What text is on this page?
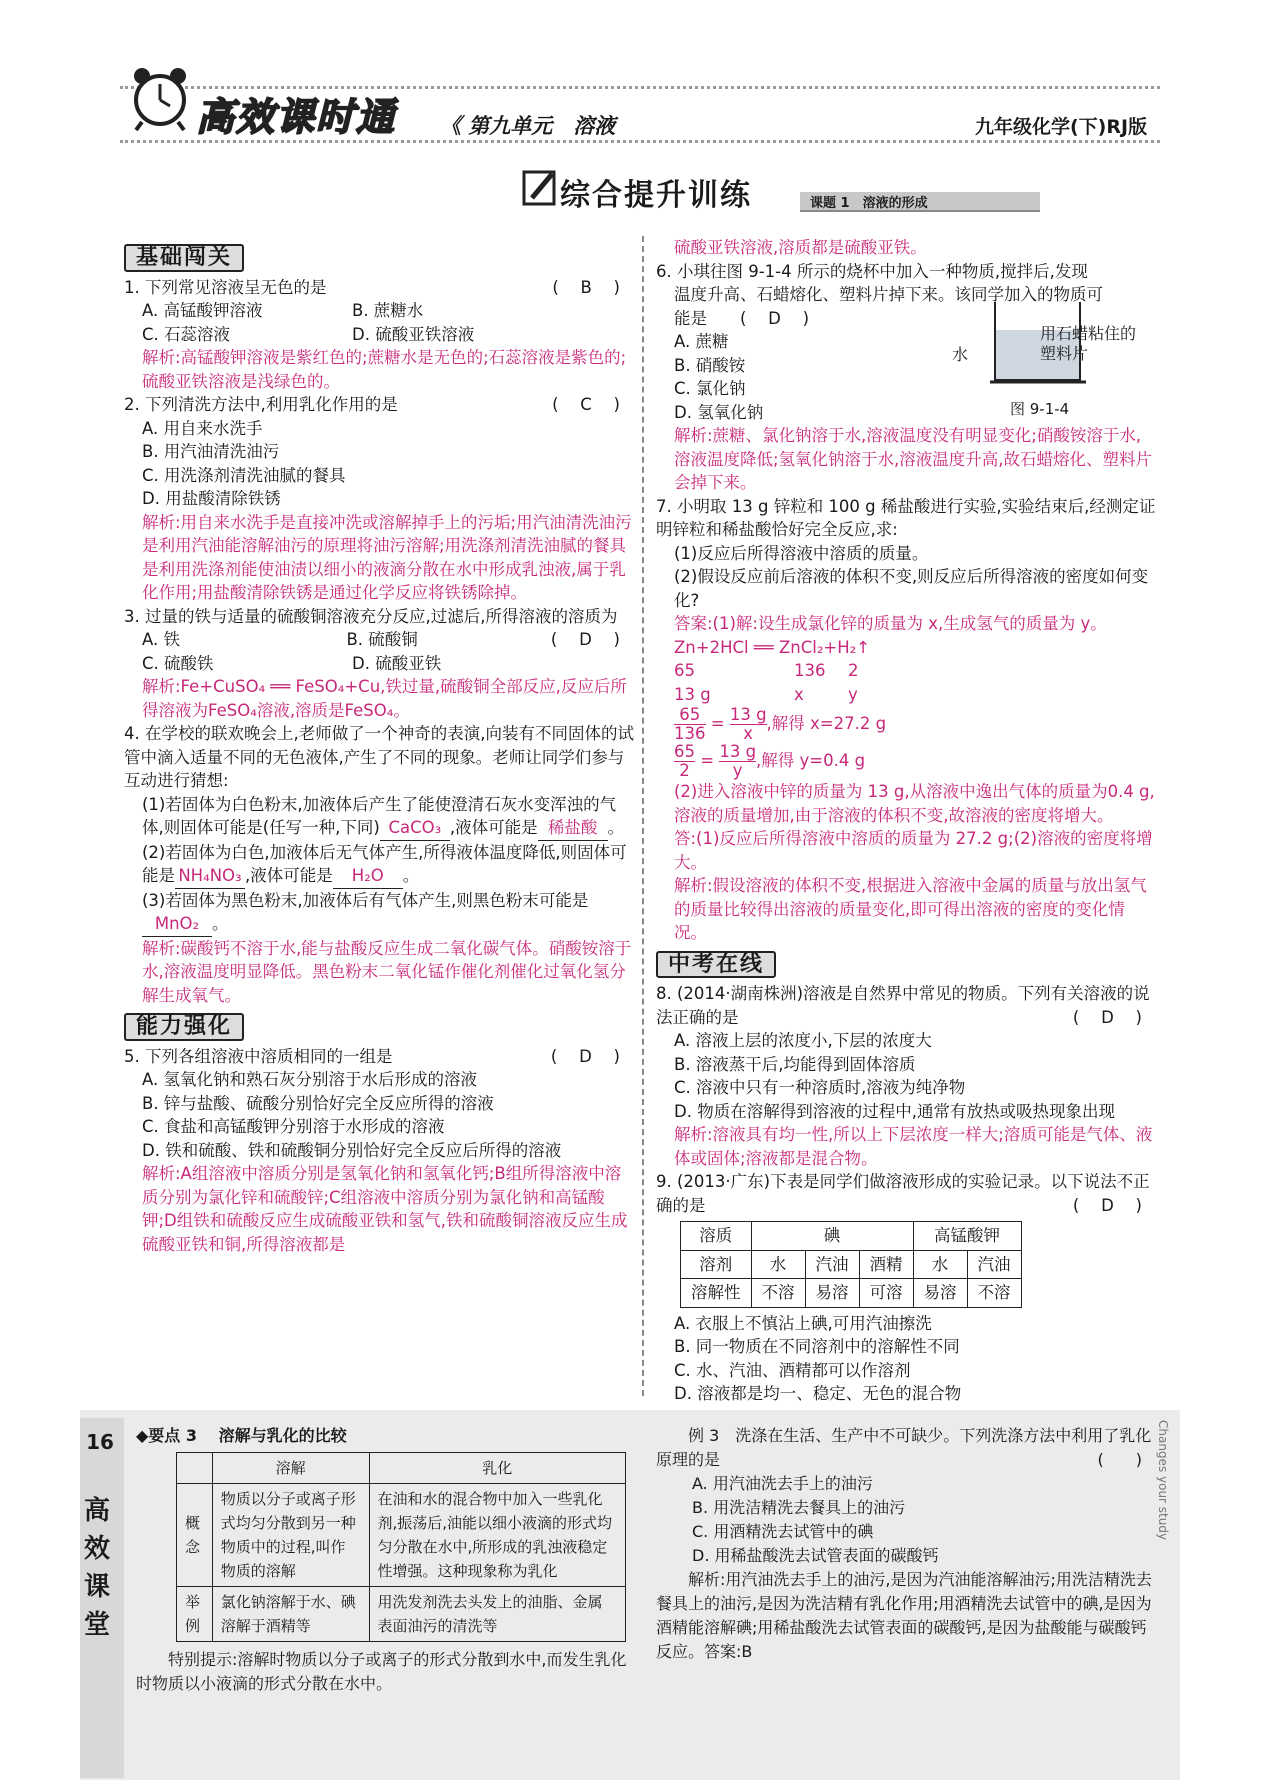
高效课时通 《 第九单元　溶液	九年级化学(下)RJ版
综合提升训练	课题 1　溶液的形成
基础闯关

1. 下列常见溶液呈无色的是	( 　B　 )

A. 高锰酸钾溶液	B. 蔗糖水
C. 石蕊溶液	D. 硫酸亚铁溶液

解析:高锰酸钾溶液是紫红色的;蔗糖水是无色的;石蕊溶液是紫色的;硫酸亚铁溶液是浅绿色的。

2. 下列清洗方法中,利用乳化作用的是	( 　C　 )

A. 用自来水洗手

B. 用汽油清洗油污

C. 用洗涤剂清洗油腻的餐具

D. 用盐酸清除铁锈

解析:用自来水洗手是直接冲洗或溶解掉手上的污垢;用汽油清洗油污是利用汽油能溶解油污的原理将油污溶解;用洗涤剂清洗油腻的餐具是利用洗涤剂能使油渍以细小的液滴分散在水中形成乳浊液,属于乳化作用;用盐酸清除铁锈是通过化学反应将铁锈除掉。

3. 过量的铁与适量的硫酸铜溶液充分反应,过滤后,所得溶液的溶质为
( 　D　 )

A. 铁	B. 硫酸铜
C. 硫酸铁	D. 硫酸亚铁

解析:Fe+CuSO₄ ══ FeSO₄+Cu,铁过量,硫酸铜全部反应,反应后所得溶液为FeSO₄溶液,溶质是FeSO₄。

4. 在学校的联欢晚会上,老师做了一个神奇的表演,向装有不同固体的试管中滴入适量不同的无色液体,产生了不同的现象。老师让同学们参与互动进行猜想:

(1)若固体为白色粉末,加液体后产生了能使澄清石灰水变浑浊的气体,则固体可能是(任写一种,下同) CaCO₃ ,液体可能是 稀盐酸 。

(2)若固体为白色,加液体后无气体产生,所得液体温度降低,则固体可能是 NH₄NO₃ ,液体可能是 H₂O 。

(3)若固体为黑色粉末,加液体后有气体产生,则黑色粉末可能是MnO₂ 。

解析:碳酸钙不溶于水,能与盐酸反应生成二氧化碳气体。硝酸铵溶于水,溶液温度明显降低。黑色粉末二氧化锰作催化剂催化过氧化氢分解生成氧气。

能力强化

5. 下列各组溶液中溶质相同的一组是	( 　D　 )

A. 氢氧化钠和熟石灰分别溶于水后形成的溶液

B. 锌与盐酸、硫酸分别恰好完全反应所得的溶液

C. 食盐和高锰酸钾分别溶于水形成的溶液

D. 铁和硫酸、铁和硫酸铜分别恰好完全反应后所得的溶液

解析:A组溶液中溶质分别是氢氧化钠和氢氧化钙;B组所得溶液中溶质分别为氯化锌和硫酸锌;C组溶液中溶质分别为氯化钠和高锰酸钾;D组铁和硫酸反应生成硫酸亚铁和氢气,铁和硫酸铜溶液反应生成硫酸亚铁和铜,所得溶液都是

硫酸亚铁溶液,溶质都是硫酸亚铁。

6. 小琪往图 9-1-4 所示的烧杯中加入一种物质,搅拌后,发现

温度升高、石蜡熔化、塑料片掉下来。该同学加入的物质可

能是　　 ( 　D　 )

A. 蔗糖

B. 硝酸铵

C. 氯化钠

D. 氢氧化钠

解析:蔗糖、氯化钠溶于水,溶液温度没有明显变化;硝酸铵溶于水,溶液温度降低;氢氧化钠溶于水,溶液温度升高,故石蜡熔化、塑料片会掉下来。

7. 小明取 13 g 锌粒和 100 g 稀盐酸进行实验,实验结束后,经测定证明锌粒和稀盐酸恰好完全反应,求:

(1)反应后所得溶液中溶质的质量。

(2)假设反应前后溶液的体积不变,则反应后所得溶液的密度如何变化?

答案:(1)解:设生成氯化锌的质量为 x,生成氢气的质量为 y。

Zn+2HCl ══ ZnCl₂+H₂↑

65	136	2
13 g	x	y
$\frac{65}{136} = \frac{13 g}{x}$ ,解得 x=27.2 g
$\frac{65}{2} = \frac{13 g}{y}$ ,解得 y=0.4 g

(2)进入溶液中锌的质量为 13 g,从溶液中逸出气体的质量为0.4 g,溶液的质量增加,由于溶液的体积不变,故溶液的密度将增大。

答:(1)反应后所得溶液中溶质的质量为 27.2 g;(2)溶液的密度将增大。

解析:假设溶液的体积不变,根据进入溶液中金属的质量与放出氢气的质量比较得出溶液的质量变化,即可得出溶液的密度的变化情况。

中考在线

8. (2014·湖南株洲)溶液是自然界中常见的物质。下列有关溶液的说法正确的是	( 　D　 )

A. 溶液上层的浓度小,下层的浓度大

B. 溶液蒸干后,均能得到固体溶质

C. 溶液中只有一种溶质时,溶液为纯净物

D. 物质在溶解得到溶液的过程中,通常有放热或吸热现象出现

解析:溶液具有均一性,所以上下层浓度一样大;溶质可能是气体、液体或固体;溶液都是混合物。

9. (2013·广东)下表是同学们做溶液形成的实验记录。以下说法不正确的是	( 　D　 )

溶质	碘			高锰酸钾	
溶剂	水	汽油	酒精	水	汽油
溶解性	不溶	易溶	可溶	易溶	不溶

A. 衣服上不慎沾上碘,可用汽油擦洗

B. 同一物质在不同溶剂中的溶解性不同

C. 水、汽油、酒精都可以作溶剂

D. 溶液都是均一、稳定、无色的混合物

水
用石蜡粘住的塑料片
图 9-1-4
16
高
效
课
堂

◆要点 3　 溶解与乳化的比较

	溶解	乳化
概念	物质以分子或离子形式均匀分散到另一种物质中的过程,叫作物质的溶解	在油和水的混合物中加入一些乳化剂,振荡后,油能以细小液滴的形式均匀分散在水中,所形成的乳浊液稳定性增强。这种现象称为乳化
举例	氯化钠溶解于水、碘溶解于酒精等	用洗发剂洗去头发上的油脂、金属表面油污的清洗等

特别提示:溶解时物质以分子或离子的形式分散到水中,而发生乳化时物质以小液滴的形式分散在水中。

例 3　洗涤在生活、生产中不可缺少。下列洗涤方法中利用了乳化原理的是	(　　)

A. 用汽油洗去手上的油污

B. 用洗洁精洗去餐具上的油污

C. 用酒精洗去试管中的碘

D. 用稀盐酸洗去试管表面的碳酸钙

解析:用汽油洗去手上的油污,是因为汽油能溶解油污;用洗洁精洗去餐具上的油污,是因为洗洁精有乳化作用;用酒精洗去试管中的碘,是因为酒精能溶解碘;用稀盐酸洗去试管表面的碳酸钙,是因为盐酸能与碳酸钙反应。答案:B

Changes your study
